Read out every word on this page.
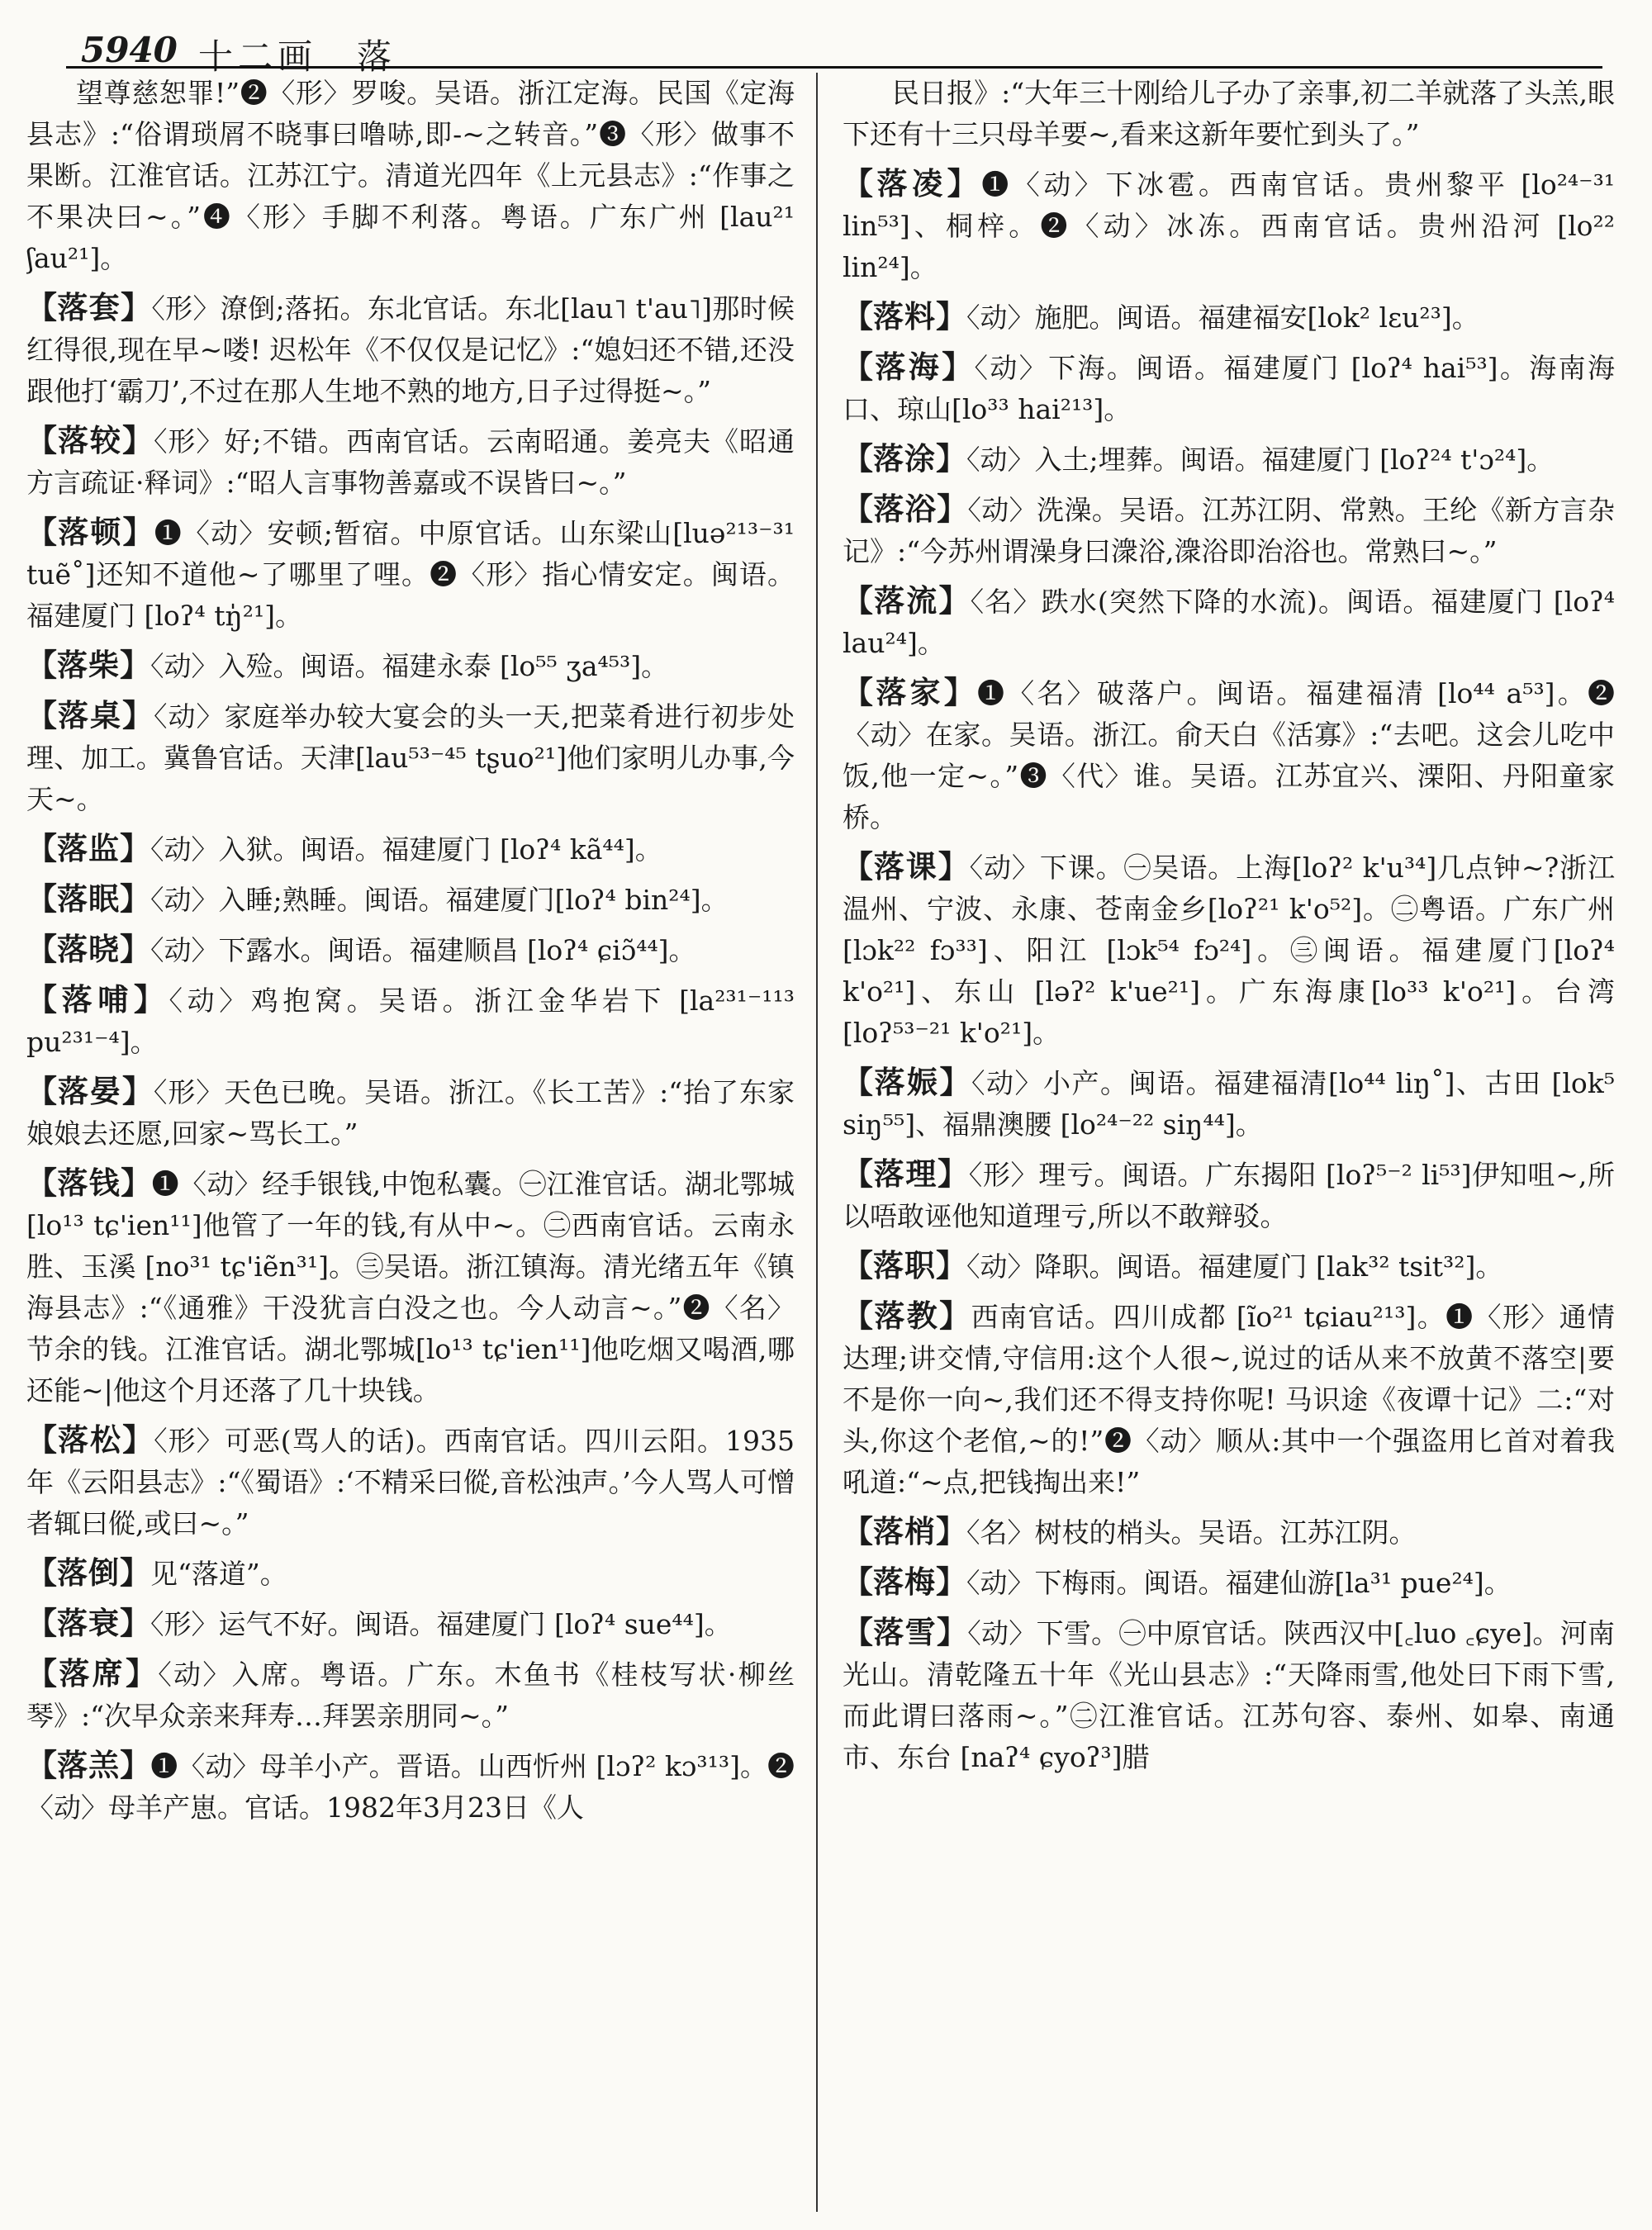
5940 十二画　落

望尊慈恕罪!”❷〈形〉罗唆。吴语。浙江定海。民国《定海县志》:“俗谓琐屑不晓事曰噜哧,即-~之转音。”❸〈形〉做事不果断。江淮官话。江苏江宁。清道光四年《上元县志》:“作事之不果决曰~。”❹〈形〉手脚不利落。粤语。广东广州 [lau²¹ ʃau²¹]。

【落套】〈形〉潦倒;落拓。东北官话。东北[lau˥ t'au˥]那时候红得很,现在早~喽! 迟松年《不仅仅是记忆》:“媳妇还不错,还没跟他打‘霸刀’,不过在那人生地不熟的地方,日子过得挺~。”

【落较】〈形〉好;不错。西南官话。云南昭通。姜亮夫《昭通方言疏证·释词》:“昭人言事物善嘉或不误皆曰~。”

【落顿】❶〈动〉安顿;暂宿。中原官话。山东梁山[luə²¹³⁻³¹ tuẽ˚]还知不道他~了哪里了哩。❷〈形〉指心情安定。闽语。福建厦门 [loʔ⁴ tŋ̍²¹]。

【落柴】〈动〉入殓。闽语。福建永泰 [lo⁵⁵ ʒa⁴⁵³]。

【落桌】〈动〉家庭举办较大宴会的头一天,把菜肴进行初步处理、加工。冀鲁官话。天津[lau⁵³⁻⁴⁵ tʂuo²¹]他们家明儿办事,今天~。

【落监】〈动〉入狱。闽语。福建厦门 [loʔ⁴ kã⁴⁴]。

【落眠】〈动〉入睡;熟睡。闽语。福建厦门[loʔ⁴ bin²⁴]。

【落晓】〈动〉下露水。闽语。福建顺昌 [loʔ⁴ ɕiɔ̃⁴⁴]。

【落哺】〈动〉鸡抱窝。吴语。浙江金华岩下 [la²³¹⁻¹¹³ pu²³¹⁻⁴]。

【落晏】〈形〉天色已晚。吴语。浙江。《长工苦》:“抬了东家娘娘去还愿,回家~骂长工。”

【落钱】❶〈动〉经手银钱,中饱私囊。㊀江淮官话。湖北鄂城[lo¹³ tɕ'ien¹¹]他管了一年的钱,有从中~。㊁西南官话。云南永胜、玉溪 [no³¹ tɕ'iẽn³¹]。㊂吴语。浙江镇海。清光绪五年《镇海县志》:“《通雅》干没犹言白没之也。今人动言~。”❷〈名〉节余的钱。江淮官话。湖北鄂城[lo¹³ tɕ'ien¹¹]他吃烟又喝酒,哪还能~|他这个月还落了几十块钱。

【落松】〈形〉可恶(骂人的话)。西南官话。四川云阳。1935年《云阳县志》:“《蜀语》:‘不精采曰傱,音松浊声。’今人骂人可憎者辄曰傱,或曰~。”

【落倒】见“落道”。

【落衰】〈形〉运气不好。闽语。福建厦门 [loʔ⁴ sue⁴⁴]。

【落席】〈动〉入席。粤语。广东。木鱼书《桂枝写状·柳丝琴》:“次早众亲来拜寿…拜罢亲朋同~。”

【落羔】❶〈动〉母羊小产。晋语。山西忻州 [lɔʔ² kɔ³¹³]。❷〈动〉母羊产崽。官话。1982年3月23日《人

民日报》:“大年三十刚给儿子办了亲事,初二羊就落了头羔,眼下还有十三只母羊要~,看来这新年要忙到头了。”

【落凌】❶〈动〉下冰雹。西南官话。贵州黎平 [lo²⁴⁻³¹ lin⁵³]、桐梓。❷〈动〉冰冻。西南官话。贵州沿河 [lo²² lin²⁴]。

【落料】〈动〉施肥。闽语。福建福安[lok² lɛu²³]。

【落海】〈动〉下海。闽语。福建厦门 [loʔ⁴ hai⁵³]。海南海口、琼山[lo³³ hai²¹³]。

【落涂】〈动〉入土;埋葬。闽语。福建厦门 [loʔ²⁴ t'ɔ²⁴]。

【落浴】〈动〉洗澡。吴语。江苏江阴、常熟。王纶《新方言杂记》:“今苏州谓澡身曰潨浴,潨浴即治浴也。常熟曰~。”

【落流】〈名〉跌水(突然下降的水流)。闽语。福建厦门 [loʔ⁴ lau²⁴]。

【落家】❶〈名〉破落户。闽语。福建福清 [lo⁴⁴ a⁵³]。❷〈动〉在家。吴语。浙江。俞天白《活寡》:“去吧。这会儿吃中饭,他一定~。”❸〈代〉谁。吴语。江苏宜兴、溧阳、丹阳童家桥。

【落课】〈动〉下课。㊀吴语。上海[loʔ² k'u³⁴]几点钟~?浙江温州、宁波、永康、苍南金乡[loʔ²¹ k'o⁵²]。㊁粤语。广东广州[lɔk²² fɔ³³]、阳江 [lɔk⁵⁴ fɔ²⁴]。㊂闽语。福建厦门[loʔ⁴ k'o²¹]、东山 [ləʔ² k'ue²¹]。广东海康[lo³³ k'o²¹]。台湾[loʔ⁵³⁻²¹ k'o²¹]。

【落娠】〈动〉小产。闽语。福建福清[lo⁴⁴ liŋ˚]、古田 [lok⁵ siŋ⁵⁵]、福鼎澳腰 [lo²⁴⁻²² siŋ⁴⁴]。

【落理】〈形〉理亏。闽语。广东揭阳 [loʔ⁵⁻² li⁵³]伊知咀~,所以唔敢诬他知道理亏,所以不敢辩驳。

【落职】〈动〉降职。闽语。福建厦门 [lak³² tsit³²]。

【落教】西南官话。四川成都 [ĩo²¹ tɕiau²¹³]。❶〈形〉通情达理;讲交情,守信用:这个人很~,说过的话从来不放黄不落空|要不是你一向~,我们还不得支持你呢! 马识途《夜谭十记》二:“对头,你这个老倌,~的!”❷〈动〉顺从:其中一个强盗用匕首对着我吼道:“~点,把钱掏出来!”

【落梢】〈名〉树枝的梢头。吴语。江苏江阴。

【落梅】〈动〉下梅雨。闽语。福建仙游[la³¹ pue²⁴]。

【落雪】〈动〉下雪。㊀中原官话。陕西汉中[꜀luo ꜀ɕye]。河南光山。清乾隆五十年《光山县志》:“天降雨雪,他处曰下雨下雪,而此谓曰落雨~。”㊁江淮官话。江苏句容、泰州、如皋、南通市、东台 [naʔ⁴ ɕyoʔ³]腊
